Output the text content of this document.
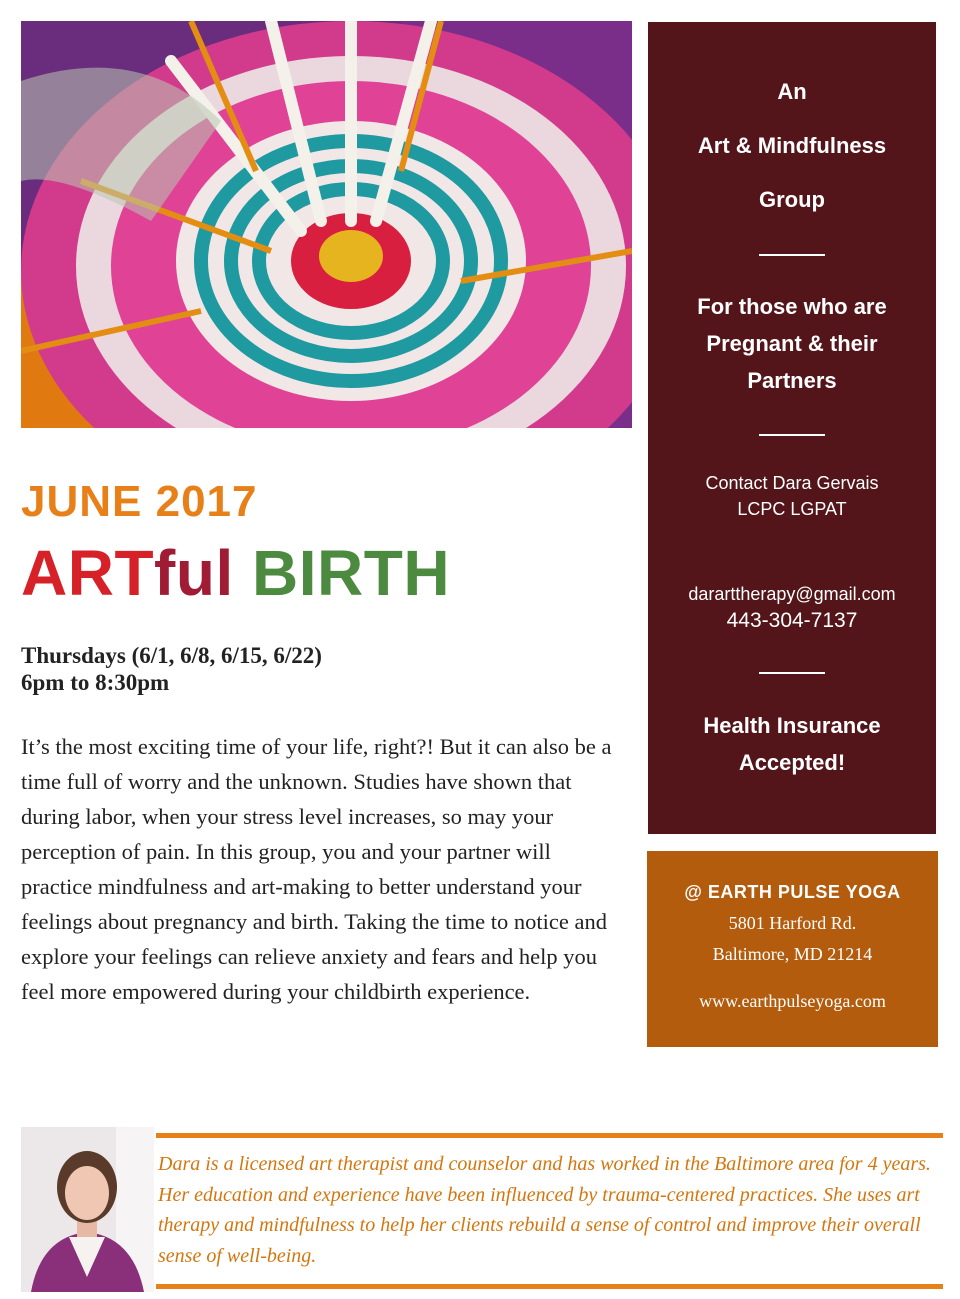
An
Art & Mindfulness
Group
For those who are
Pregnant & their
Partners
Contact Dara Gervais
LCPC LGPAT
dararttherapy@gmail.com
443-304-7137
Health Insurance
Accepted!
@ EARTH PULSE YOGA
5801 Harford Rd.
Baltimore, MD 21214
www.earthpulseyoga.com
JUNE 2017
ARTful BIRTH
Thursdays (6/1, 6/8, 6/15, 6/22)
6pm to 8:30pm
It’s the most exciting time of your life, right?! But it can also be a time full of worry and the unknown. Studies have shown that during labor, when your stress level increases, so may your perception of pain. In this group, you and your partner will practice mindfulness and art-making to better understand your feelings about pregnancy and birth. Taking the time to notice and explore your feelings can relieve anxiety and fears and help you feel more empowered during your childbirth experience.
Dara is a licensed art therapist and counselor and has worked in the Baltimore area for 4 years. Her education and experience have been influenced by trauma-centered practices. She uses art therapy and mindfulness to help her clients rebuild a sense of control and improve their overall sense of well-being.
